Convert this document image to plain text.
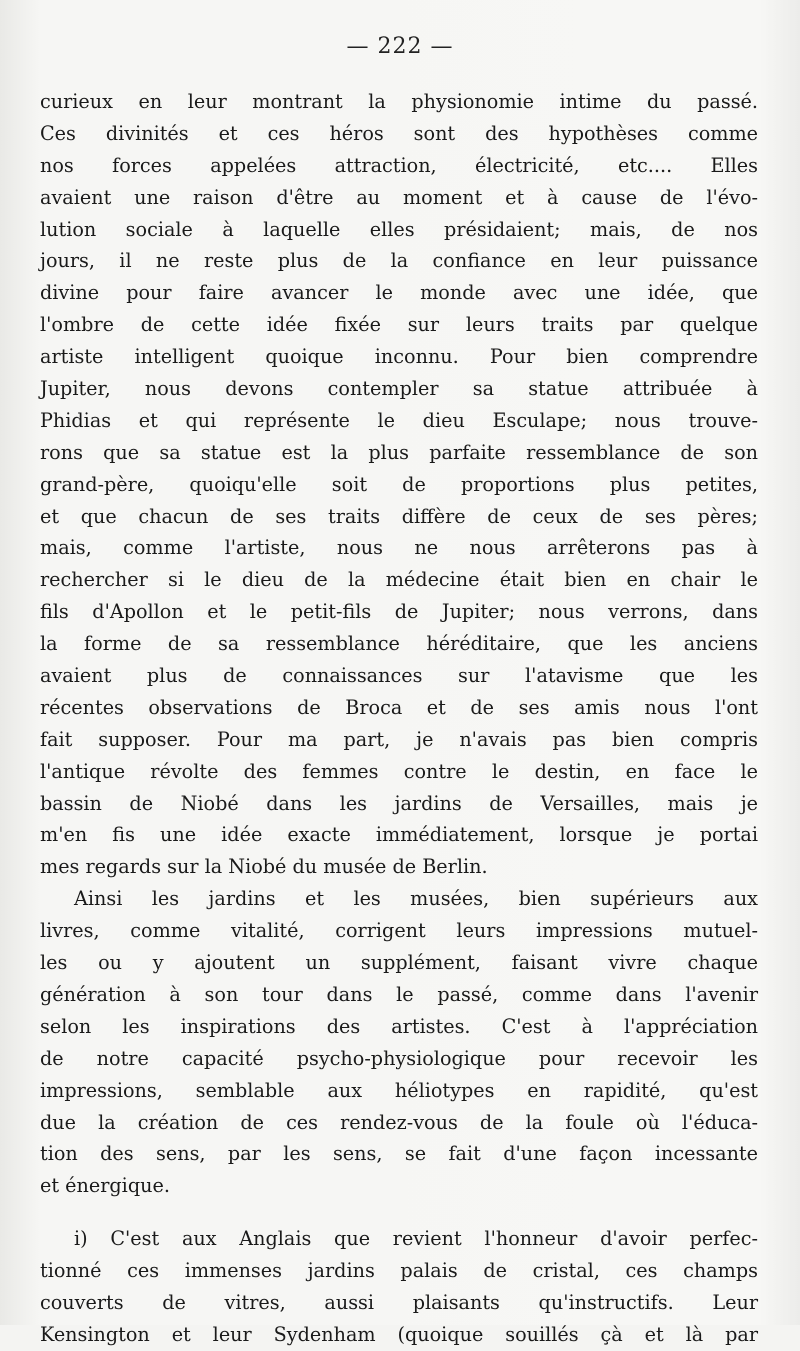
— 222 —
curieux en leur montrant la physionomie intime du passé.
Ces divinités et ces héros sont des hypothèses comme
nos forces appelées attraction, électricité, etc.... Elles
avaient une raison d'être au moment et à cause de l'évo-
lution sociale à laquelle elles présidaient; mais, de nos
jours, il ne reste plus de la confiance en leur puissance
divine pour faire avancer le monde avec une idée, que
l'ombre de cette idée fixée sur leurs traits par quelque
artiste intelligent quoique inconnu. Pour bien comprendre
Jupiter, nous devons contempler sa statue attribuée à
Phidias et qui représente le dieu Esculape; nous trouve-
rons que sa statue est la plus parfaite ressemblance de son
grand-père, quoiqu'elle soit de proportions plus petites,
et que chacun de ses traits diffère de ceux de ses pères;
mais, comme l'artiste, nous ne nous arrêterons pas à
rechercher si le dieu de la médecine était bien en chair le
fils d'Apollon et le petit-fils de Jupiter; nous verrons, dans
la forme de sa ressemblance héréditaire, que les anciens
avaient plus de connaissances sur l'atavisme que les
récentes observations de Broca et de ses amis nous l'ont
fait supposer. Pour ma part, je n'avais pas bien compris
l'antique révolte des femmes contre le destin, en face le
bassin de Niobé dans les jardins de Versailles, mais je
m'en fis une idée exacte immédiatement, lorsque je portai
mes regards sur la Niobé du musée de Berlin.
Ainsi les jardins et les musées, bien supérieurs aux
livres, comme vitalité, corrigent leurs impressions mutuel-
les ou y ajoutent un supplément, faisant vivre chaque
génération à son tour dans le passé, comme dans l'avenir
selon les inspirations des artistes. C'est à l'appréciation
de notre capacité psycho-physiologique pour recevoir les
impressions, semblable aux héliotypes en rapidité, qu'est
due la création de ces rendez-vous de la foule où l'éduca-
tion des sens, par les sens, se fait d'une façon incessante
et énergique.
i) C'est aux Anglais que revient l'honneur d'avoir perfec-
tionné ces immenses jardins palais de cristal, ces champs
couverts de vitres, aussi plaisants qu'instructifs. Leur
Kensington et leur Sydenham (quoique souillés çà et là par
